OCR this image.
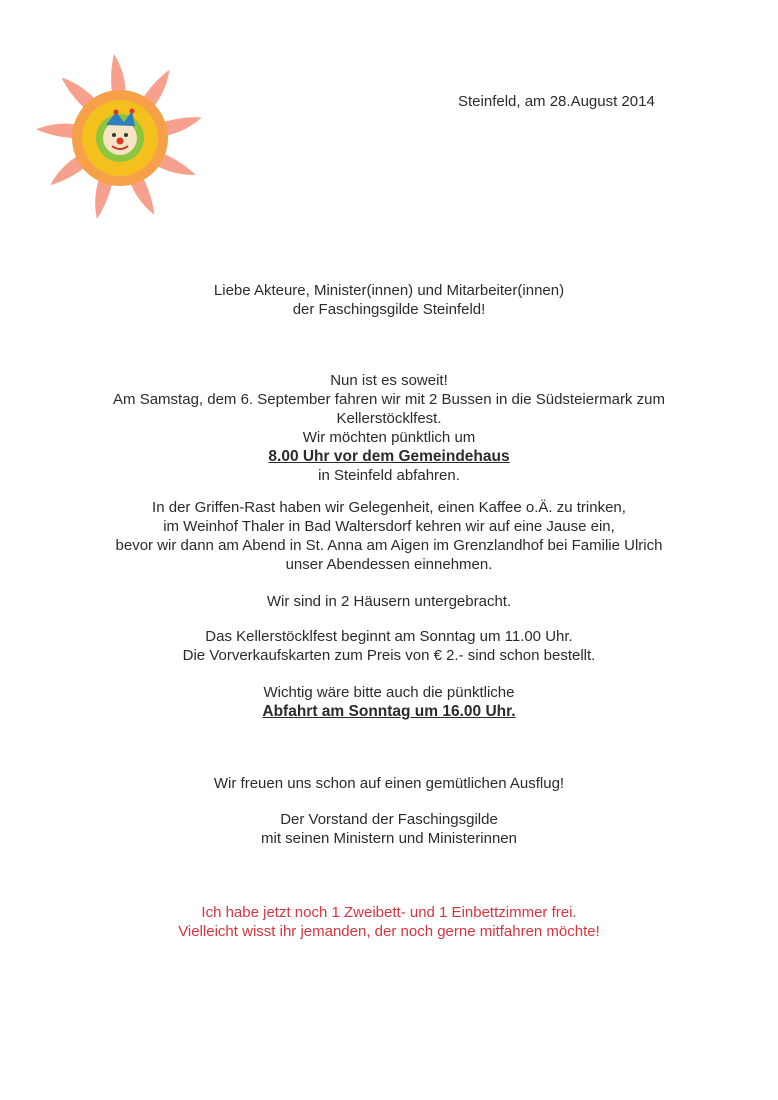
Steinfeld, am 28.August 2014

Liebe Akteure, Minister(innen) und Mitarbeiter(innen)

der Faschingsgilde Steinfeld!

Nun ist es soweit!

Am Samstag, dem 6. September fahren wir mit 2 Bussen in die Südsteiermark zum

Kellerstöcklfest.

Wir möchten pünktlich um

8.00 Uhr vor dem Gemeindehaus

in Steinfeld abfahren.

In der Griffen-Rast haben wir Gelegenheit, einen Kaffee o.Ä. zu trinken,

im Weinhof Thaler in Bad Waltersdorf kehren wir auf eine Jause ein,

bevor wir dann am Abend in St. Anna am Aigen im Grenzlandhof bei Familie Ulrich

unser Abendessen einnehmen.

Wir sind in 2 Häusern untergebracht.

Das Kellerstöcklfest beginnt am Sonntag um 11.00 Uhr.

Die Vorverkaufskarten zum Preis von € 2.- sind schon bestellt.

Wichtig wäre bitte auch die pünktliche

Abfahrt am Sonntag um 16.00 Uhr.

Wir freuen uns schon auf einen gemütlichen Ausflug!

Der Vorstand der Faschingsgilde

mit seinen Ministern und Ministerinnen

Ich habe jetzt noch 1 Zweibett- und 1 Einbettzimmer frei.

Vielleicht wisst ihr jemanden, der noch gerne mitfahren möchte!
